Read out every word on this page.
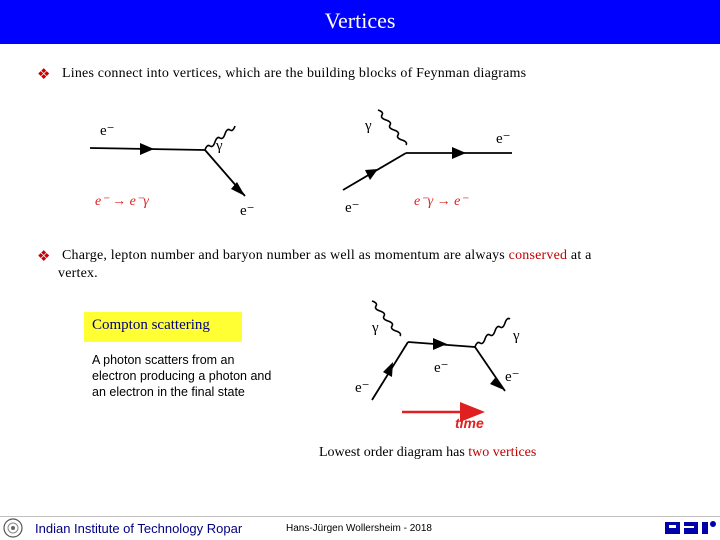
Vertices
❖ Lines connect into vertices, which are the building blocks of Feynman diagrams
❖ Charge, lepton number and baryon number as well as momentum are always conserved at a
vertex.
e⁻
γ
e⁻
e⁻ → e⁻γ
γ
e⁻
e⁻	e⁻γ → e⁻
γ	γ
e⁻
e⁻
e⁻
time
Compton scattering
A photon scatters from an electron producing a photon and an electron in the final state
Lowest order diagram has two vertices
Indian Institute of Technology Ropar	Hans-Jürgen Wollersheim - 2018
